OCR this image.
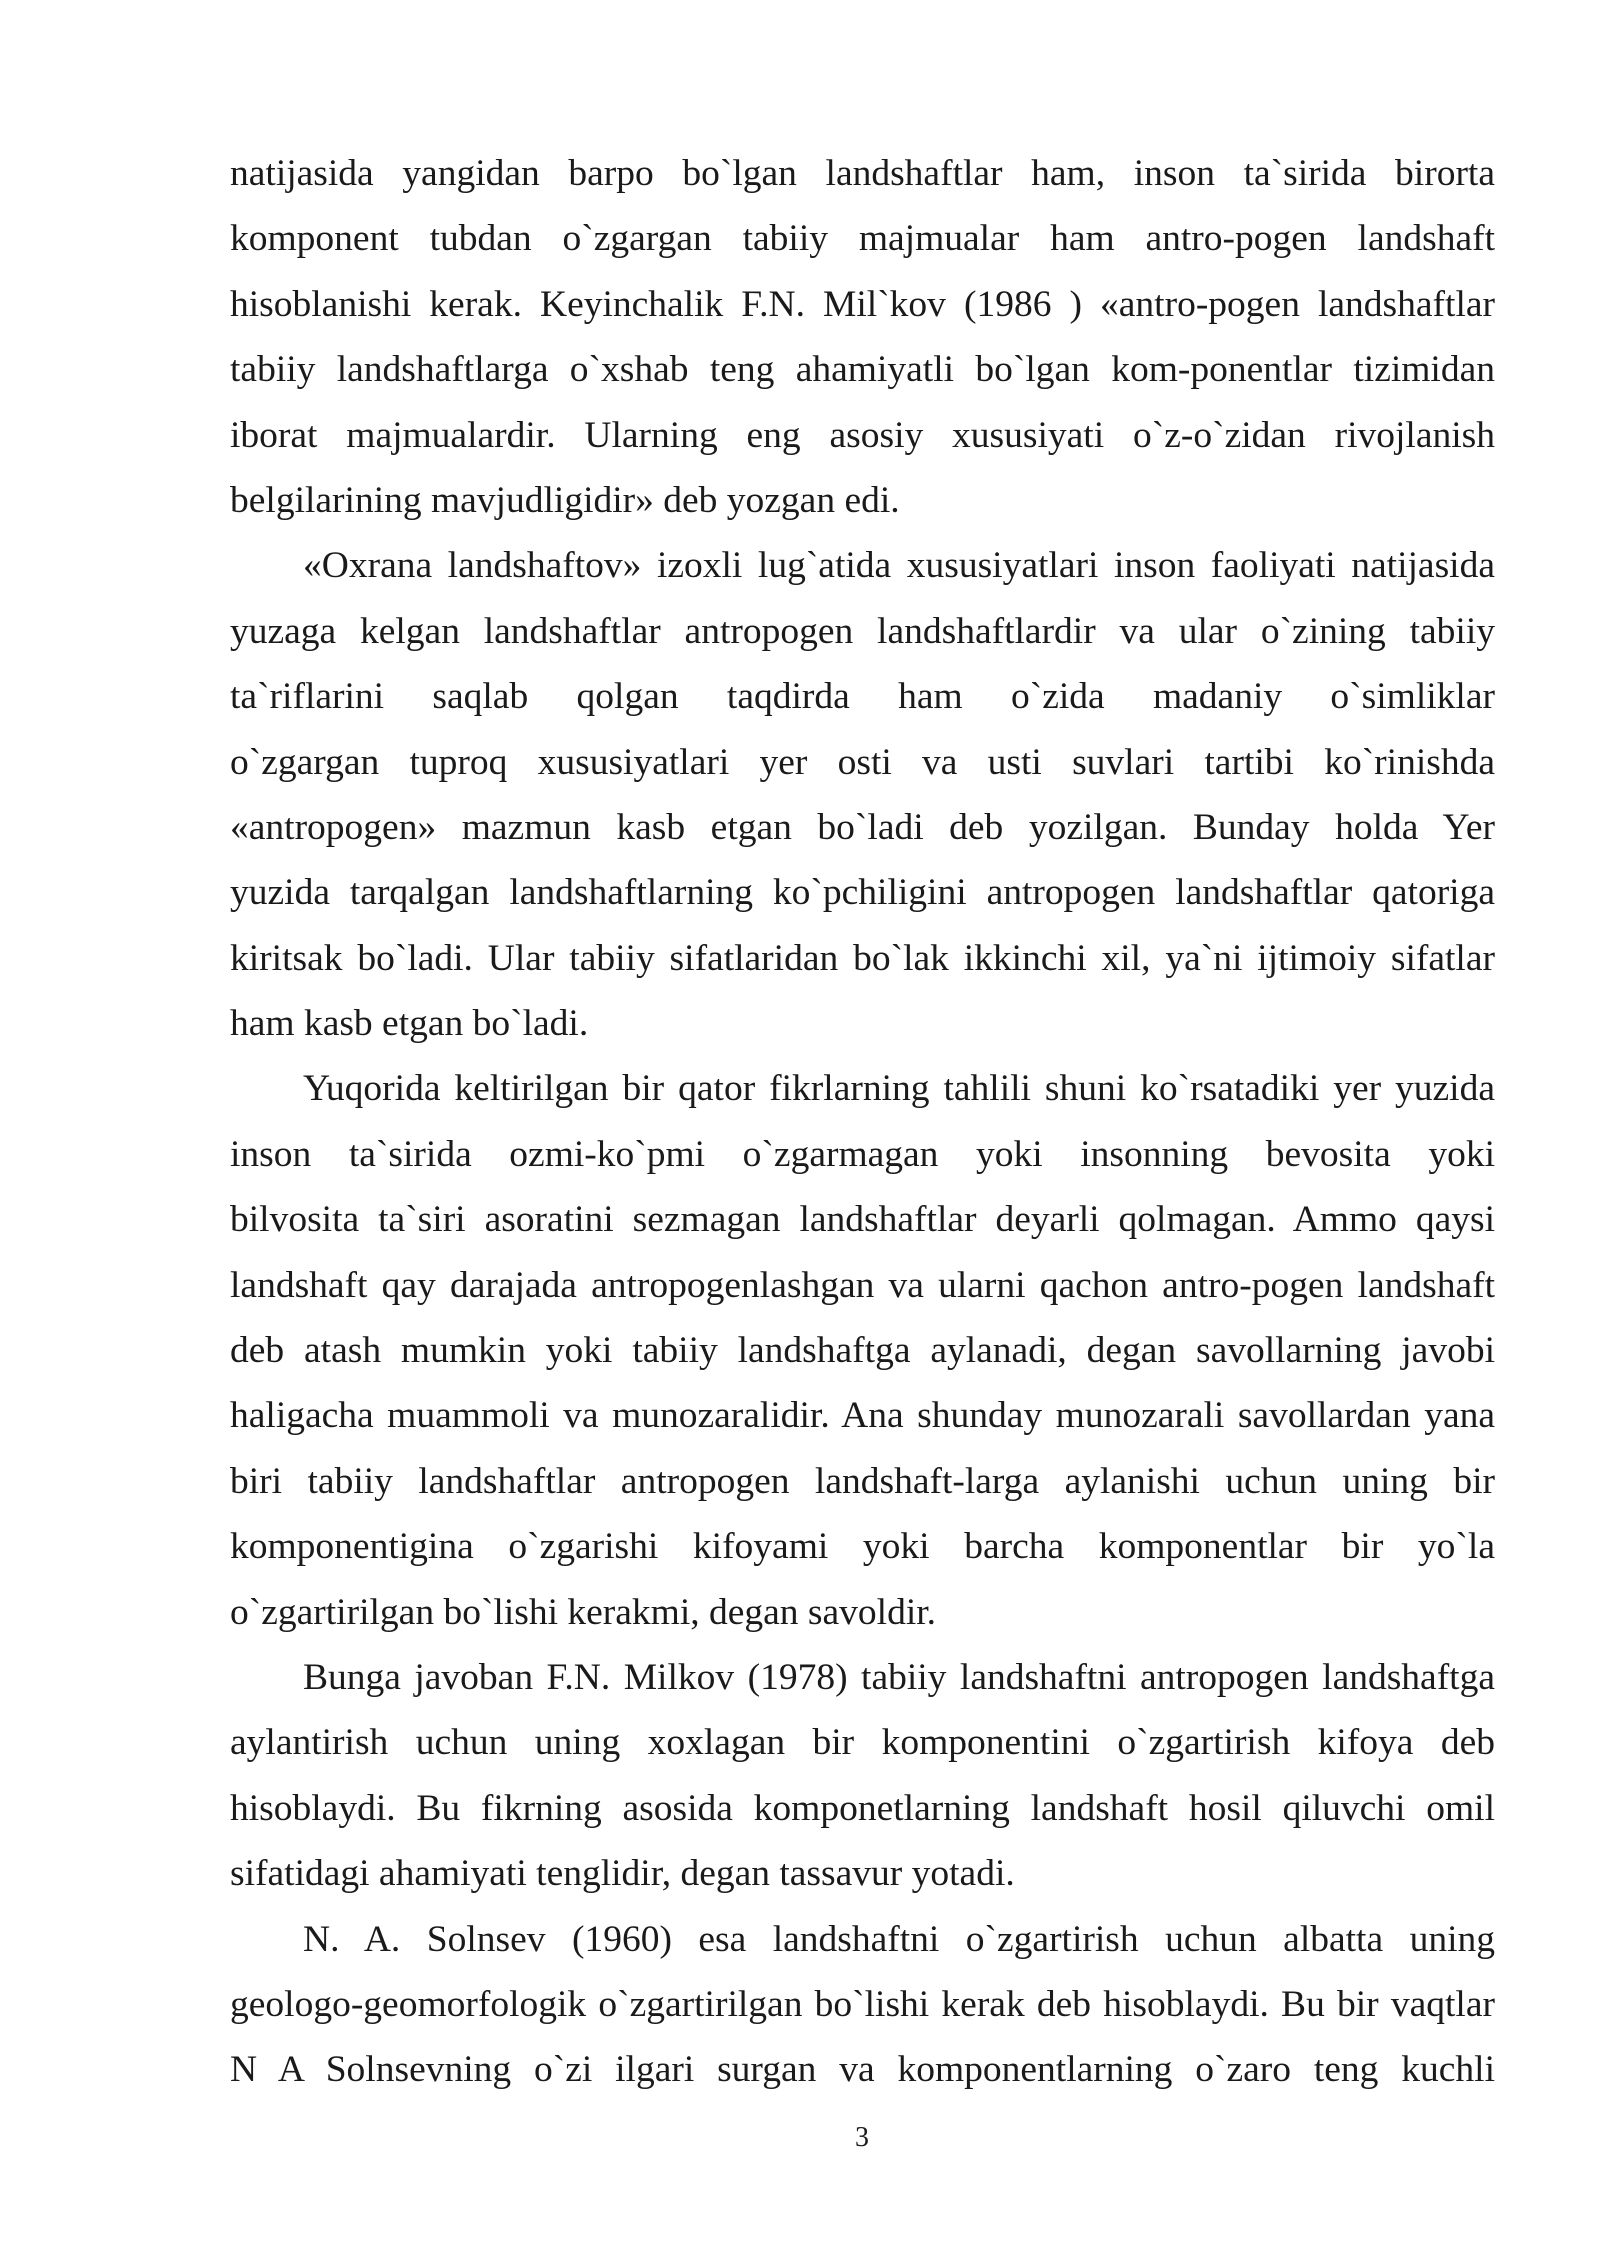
natijasida yangidan barpo bo`lgan landshaftlar ham, inson ta`sirida birorta
komponent tubdan o`zgargan tabiiy majmualar ham antro-pogen landshaft
hisoblanishi kerak. Keyinchalik F.N. Mil`kov (1986 ) «antro-pogen landshaftlar
tabiiy landshaftlarga o`xshab teng ahamiyatli bo`lgan kom-ponentlar tizimidan
iborat majmualardir. Ularning eng asosiy xususiyati o`z-o`zidan rivojlanish
belgilarining mavjudligidir» deb yozgan edi.
«Oxrana landshaftov» izoxli lug`atida xususiyatlari inson faoliyati natijasida
yuzaga kelgan landshaftlar antropogen landshaftlardir va ular o`zining tabiiy
ta`riflarini saqlab qolgan taqdirda ham o`zida madaniy o`simliklar
o`zgargan tuproq xususiyatlari yer osti va usti suvlari tartibi ko`rinishda
«antropogen» mazmun kasb etgan bo`ladi deb yozilgan. Bunday holda Yer
yuzida tarqalgan landshaftlarning ko`pchiligini antropogen landshaftlar qatoriga
kiritsak bo`ladi. Ular tabiiy sifatlaridan bo`lak ikkinchi xil, ya`ni ijtimoiy sifatlar
ham kasb etgan bo`ladi.
Yuqorida keltirilgan bir qator fikrlarning tahlili shuni ko`rsatadiki yer yuzida
inson ta`sirida ozmi-ko`pmi o`zgarmagan yoki insonning bevosita yoki
bilvosita ta`siri asoratini sezmagan landshaftlar deyarli qolmagan. Ammo qaysi
landshaft qay darajada antropogenlashgan va ularni qachon antro-pogen landshaft
deb atash mumkin yoki tabiiy landshaftga aylanadi, degan savollarning javobi
haligacha muammoli va munozaralidir. Ana shunday munozarali savollardan yana
biri tabiiy landshaftlar antropogen landshaft-larga aylanishi uchun uning bir
komponentigina o`zgarishi kifoyami yoki barcha komponentlar bir yo`la
o`zgartirilgan bo`lishi kerakmi, degan savoldir.
Bunga javoban F.N. Milkov (1978) tabiiy landshaftni antropogen landshaftga
aylantirish uchun uning xoxlagan bir komponentini o`zgartirish kifoya deb
hisoblaydi. Bu fikrning asosida komponetlarning landshaft hosil qiluvchi omil
sifatidagi ahamiyati tenglidir, degan tassavur yotadi.
N. A. Solnsev (1960) esa landshaftni o`zgartirish uchun albatta uning
geologo-geomorfologik o`zgartirilgan bo`lishi kerak deb hisoblaydi. Bu bir vaqtlar
N A Solnsevning o`zi ilgari surgan va komponentlarning o`zaro teng kuchli
3
